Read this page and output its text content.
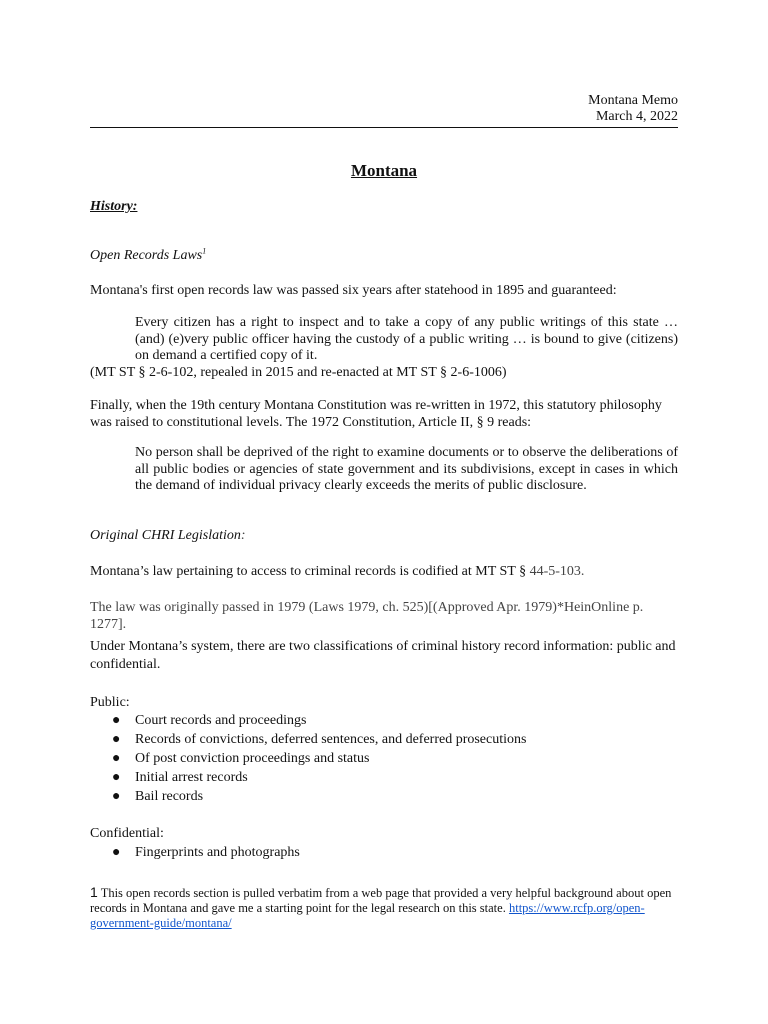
Montana Memo
March 4, 2022
Montana
History:
Open Records Laws$^1$
Montana's first open records law was passed six years after statehood in 1895 and guaranteed:
Every citizen has a right to inspect and to take a copy of any public writings of this state … (and) (e)very public officer having the custody of a public writing … is bound to give (citizens) on demand a certified copy of it.
(MT ST § 2-6-102, repealed in 2015 and re-enacted at MT ST § 2-6-1006)
Finally, when the 19th century Montana Constitution was re-written in 1972, this statutory philosophy was raised to constitutional levels. The 1972 Constitution, Article II, § 9 reads:
No person shall be deprived of the right to examine documents or to observe the deliberations of all public bodies or agencies of state government and its subdivisions, except in cases in which the demand of individual privacy clearly exceeds the merits of public disclosure.
Original CHRI Legislation:
Montana’s law pertaining to access to criminal records is codified at MT ST § 44-5-103.
The law was originally passed in 1979 (Laws 1979, ch. 525)[(Approved Apr. 1979)*HeinOnline p. 1277].
Under Montana’s system, there are two classifications of criminal history record information: public and confidential.
Public:
● Court records and proceedings
● Records of convictions, deferred sentences, and deferred prosecutions
● Of post conviction proceedings and status
● Initial arrest records
● Bail records
Confidential:
● Fingerprints and photographs
1 This open records section is pulled verbatim from a web page that provided a very helpful background about open records in Montana and gave me a starting point for the legal research on this state. https://www.rcfp.org/open-government-guide/montana/
